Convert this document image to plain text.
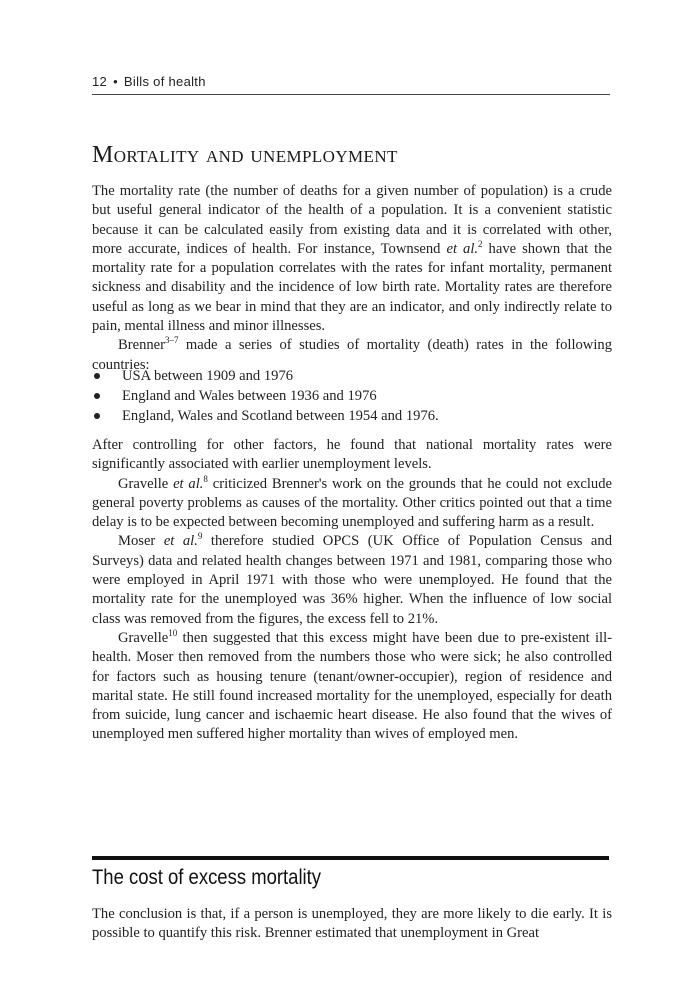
12 • Bills of health
Mortality and unemployment

The mortality rate (the number of deaths for a given number of population) is a crude but useful general indicator of the health of a population. It is a convenient statistic because it can be calculated easily from existing data and it is correlated with other, more accurate, indices of health. For instance, Townsend et al.$^2$ have shown that the mortality rate for a population correlates with the rates for infant mortality, permanent sickness and disability and the incidence of low birth rate. Mortality rates are therefore useful as long as we bear in mind that they are an indicator, and only indirectly relate to pain, mental illness and minor illnesses.

Brenner$^{3-7}$ made a series of studies of mortality (death) rates in the following countries:

USA between 1909 and 1976
England and Wales between 1936 and 1976
England, Wales and Scotland between 1954 and 1976.

After controlling for other factors, he found that national mortality rates were significantly associated with earlier unemployment levels.

Gravelle et al.$^8$ criticized Brenner's work on the grounds that he could not exclude general poverty problems as causes of the mortality. Other critics pointed out that a time delay is to be expected between becoming unemployed and suffering harm as a result.

Moser et al.$^9$ therefore studied OPCS (UK Office of Population Census and Surveys) data and related health changes between 1971 and 1981, comparing those who were employed in April 1971 with those who were unemployed. He found that the mortality rate for the unemployed was 36% higher. When the influence of low social class was removed from the figures, the excess fell to 21%.

Gravelle$^{10}$ then suggested that this excess might have been due to pre-existent ill-health. Moser then removed from the numbers those who were sick; he also controlled for factors such as housing tenure (tenant/owner-occupier), region of residence and marital state. He still found increased mortality for the unemployed, especially for death from suicide, lung cancer and ischaemic heart disease. He also found that the wives of unemployed men suffered higher mortality than wives of employed men.

The cost of excess mortality

The conclusion is that, if a person is unemployed, they are more likely to die early. It is possible to quantify this risk. Brenner estimated that unemployment in Great
